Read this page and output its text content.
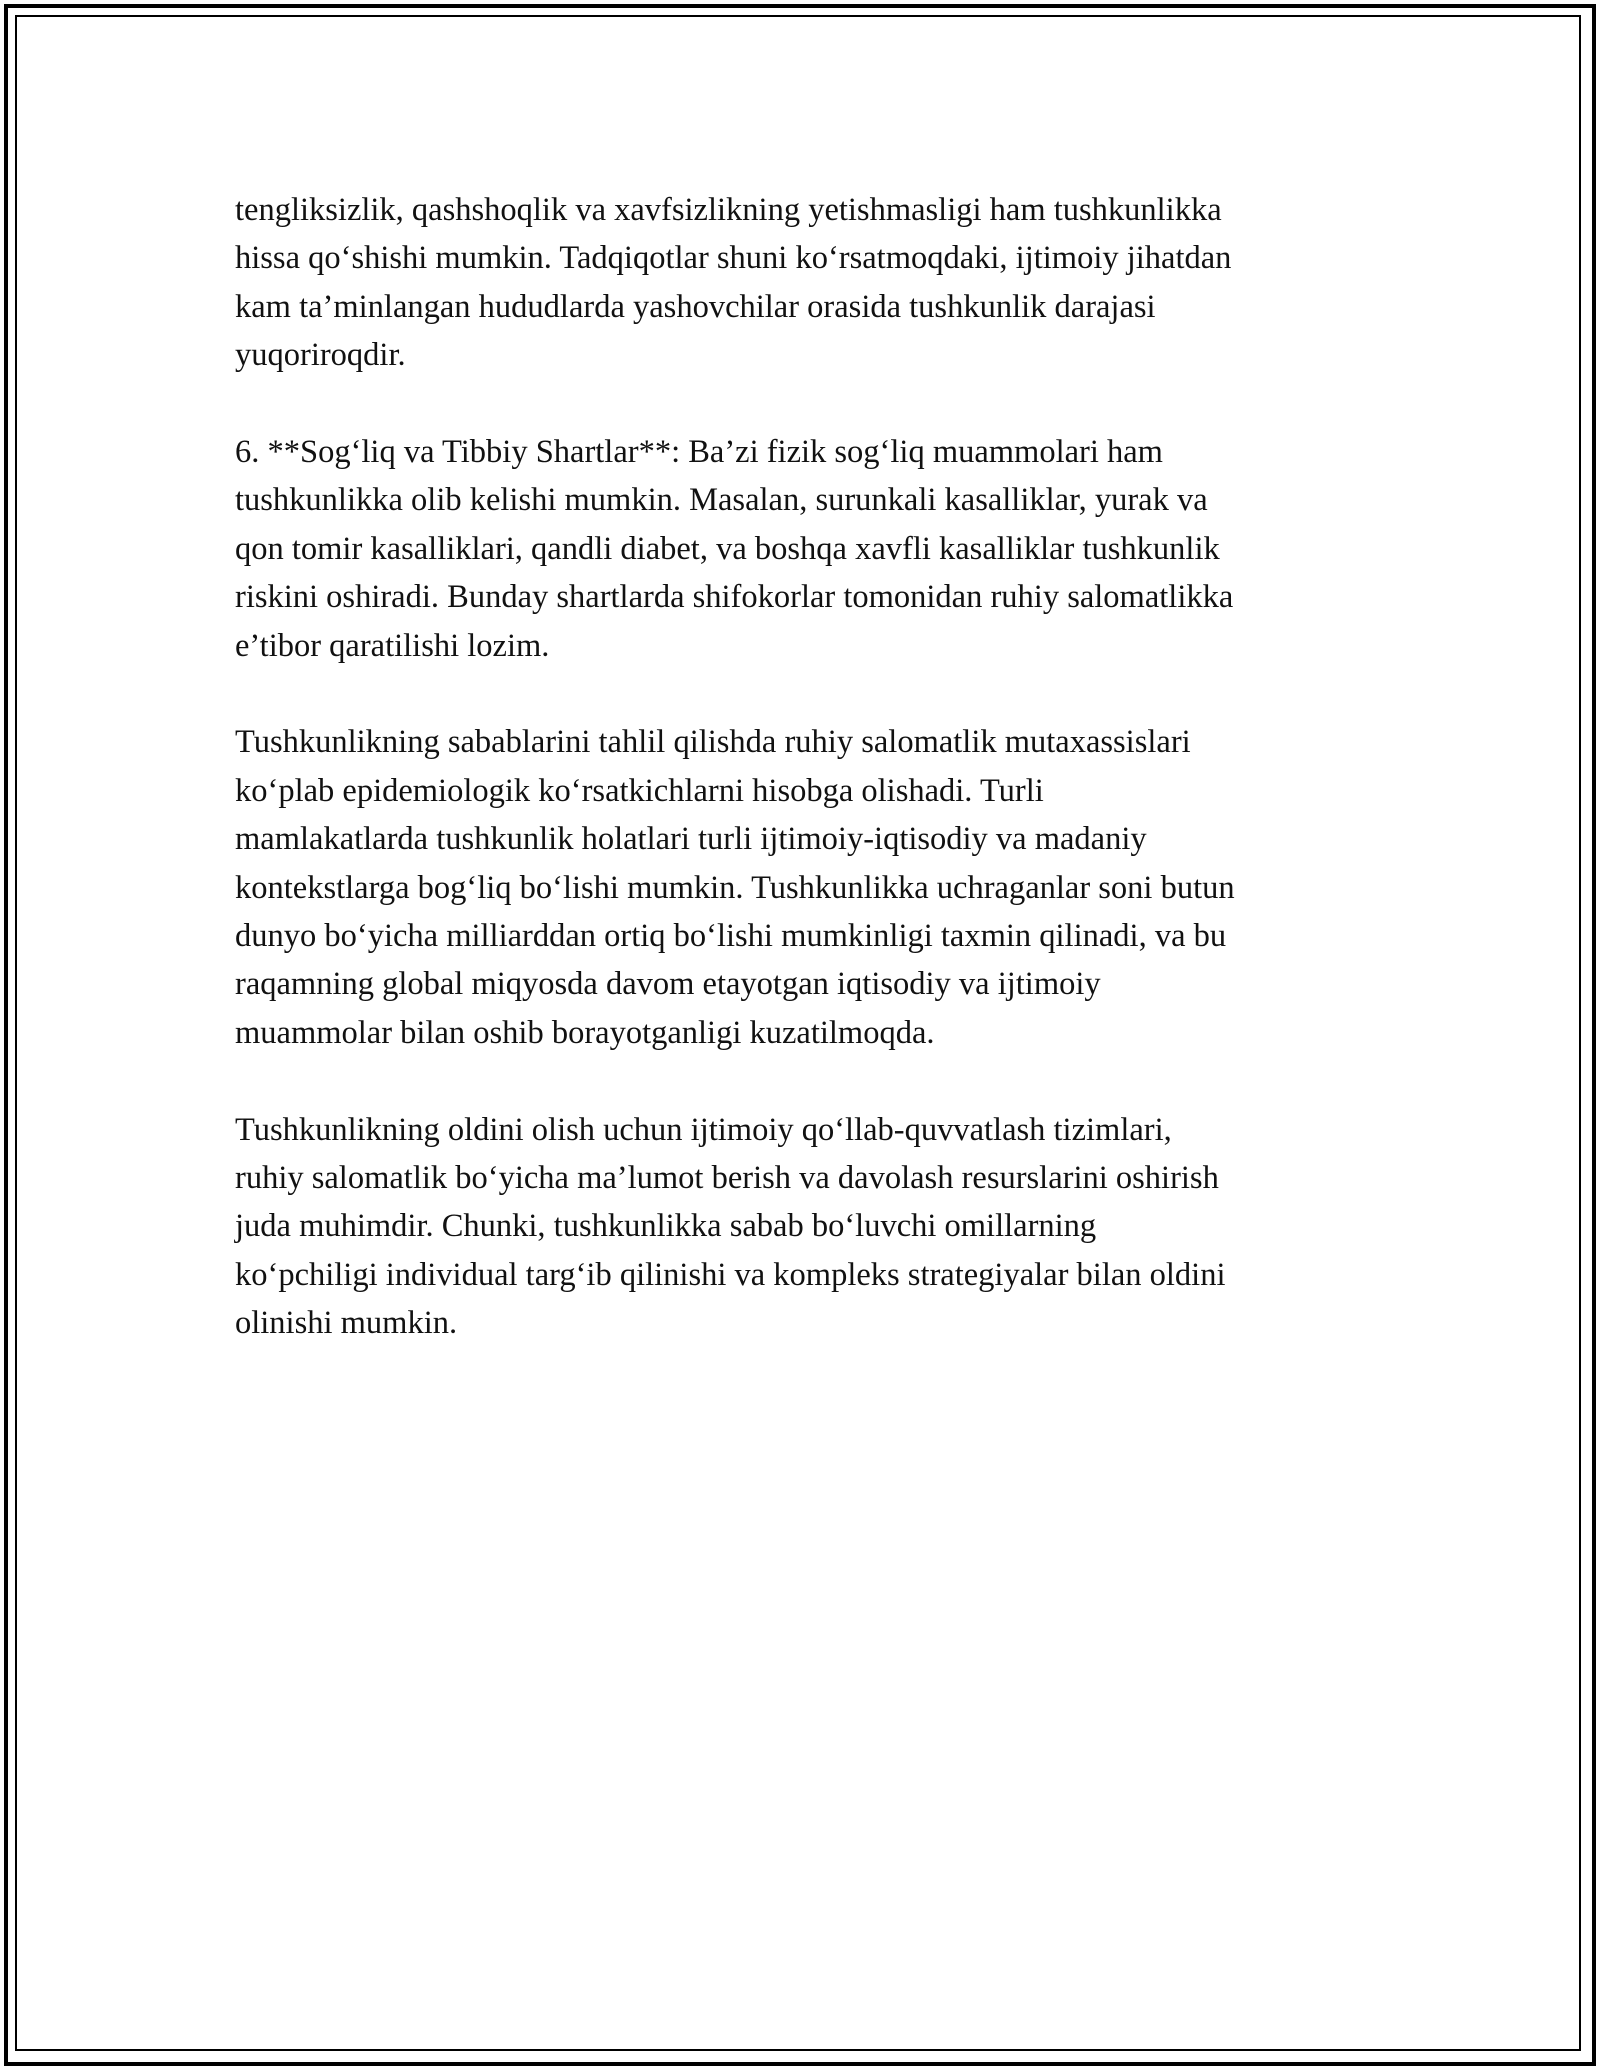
tengliksizlik, qashshoqlik va xavfsizlikning yetishmasligi ham tushkunlikka
hissa qo‘shishi mumkin. Tadqiqotlar shuni ko‘rsatmoqdaki, ijtimoiy jihatdan
kam ta’minlangan hududlarda yashovchilar orasida tushkunlik darajasi
yuqoriroqdir.

6. **Sog‘liq va Tibbiy Shartlar**: Ba’zi fizik sog‘liq muammolari ham
tushkunlikka olib kelishi mumkin. Masalan, surunkali kasalliklar, yurak va
qon tomir kasalliklari, qandli diabet, va boshqa xavfli kasalliklar tushkunlik
riskini oshiradi. Bunday shartlarda shifokorlar tomonidan ruhiy salomatlikka
e’tibor qaratilishi lozim.

Tushkunlikning sabablarini tahlil qilishda ruhiy salomatlik mutaxassislari
ko‘plab epidemiologik ko‘rsatkichlarni hisobga olishadi. Turli
mamlakatlarda tushkunlik holatlari turli ijtimoiy-iqtisodiy va madaniy
kontekstlarga bog‘liq bo‘lishi mumkin. Tushkunlikka uchraganlar soni butun
dunyo bo‘yicha milliarddan ortiq bo‘lishi mumkinligi taxmin qilinadi, va bu
raqamning global miqyosda davom etayotgan iqtisodiy va ijtimoiy
muammolar bilan oshib borayotganligi kuzatilmoqda.

Tushkunlikning oldini olish uchun ijtimoiy qo‘llab-quvvatlash tizimlari,
ruhiy salomatlik bo‘yicha ma’lumot berish va davolash resurslarini oshirish
juda muhimdir. Chunki, tushkunlikka sabab bo‘luvchi omillarning
ko‘pchiligi individual targ‘ib qilinishi va kompleks strategiyalar bilan oldini
olinishi mumkin.
